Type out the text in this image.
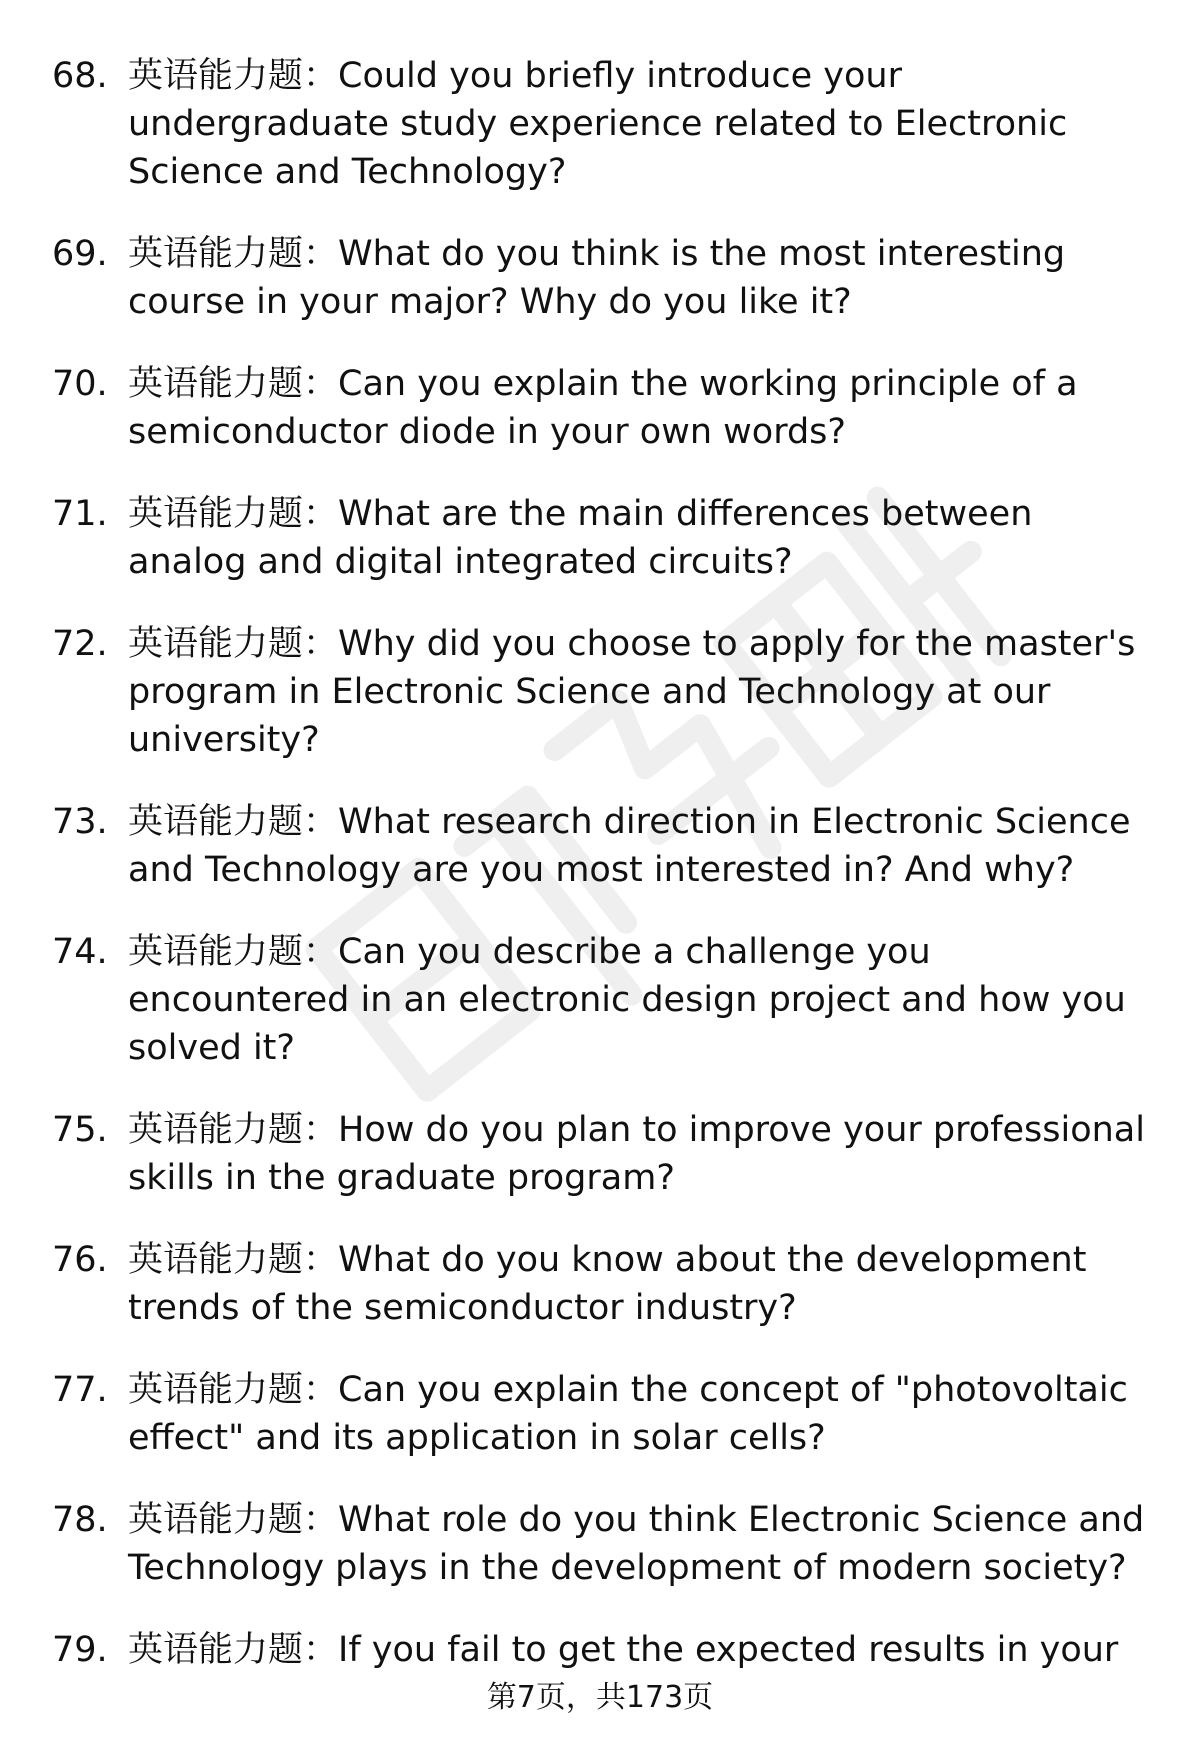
68. 英语能力题：Could you briefly introduce your undergraduate study experience related to Electronic Science and Technology?
69. 英语能力题：What do you think is the most interesting course in your major? Why do you like it?
70. 英语能力题：Can you explain the working principle of a semiconductor diode in your own words?
71. 英语能力题：What are the main differences between analog and digital integrated circuits?
72. 英语能力题：Why did you choose to apply for the master's program in Electronic Science and Technology at our university?
73. 英语能力题：What research direction in Electronic Science and Technology are you most interested in? And why?
74. 英语能力题：Can you describe a challenge you encountered in an electronic design project and how you solved it?
75. 英语能力题：How do you plan to improve your professional skills in the graduate program?
76. 英语能力题：What do you know about the development trends of the semiconductor industry?
77. 英语能力题：Can you explain the concept of "photovoltaic effect" and its application in solar cells?
78. 英语能力题：What role do you think Electronic Science and Technology plays in the development of modern society?
79. 英语能力题：If you fail to get the expected results in your
第7页，共173页
